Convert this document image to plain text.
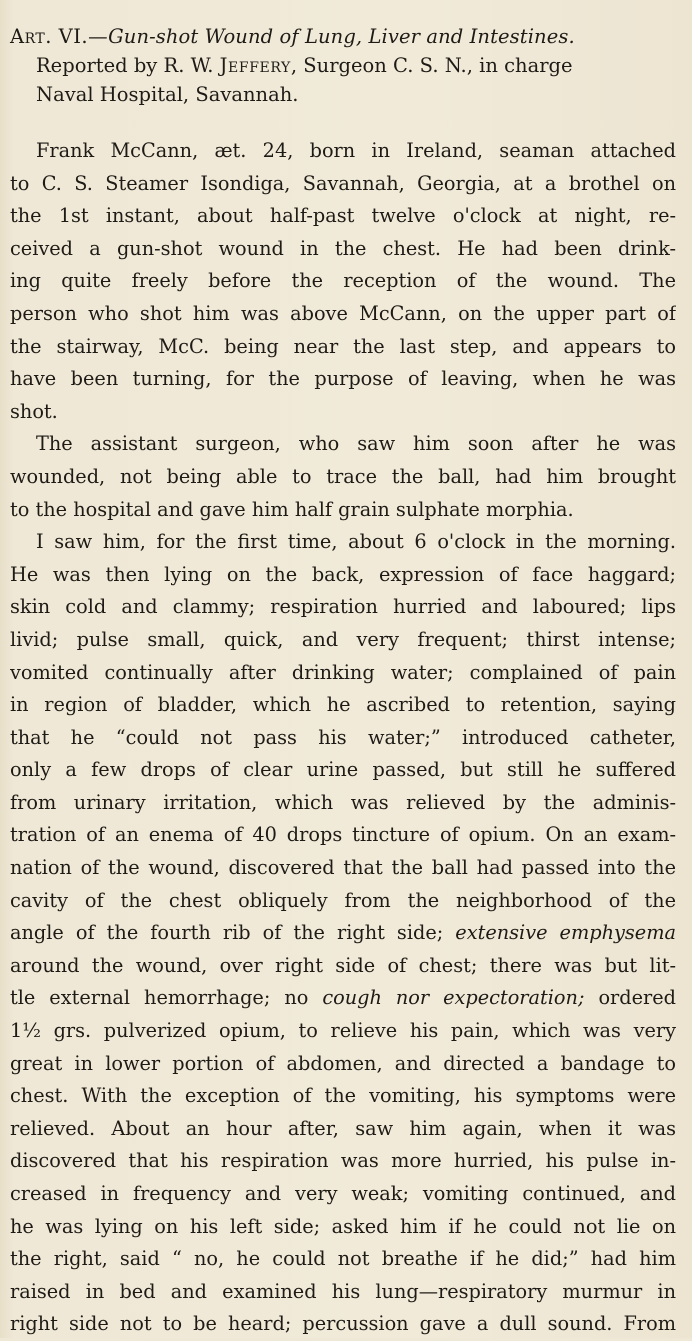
Art. VI.—Gun-shot Wound of Lung, Liver and Intestines.
Reported by R. W. Jeffery, Surgeon C. S. N., in charge
Naval Hospital, Savannah.
Frank McCann, æt. 24, born in Ireland, seaman attached
to C. S. Steamer Isondiga, Savannah, Georgia, at a brothel on
the 1st instant, about half-past twelve o'clock at night, re-
ceived a gun-shot wound in the chest. He had been drink-
ing quite freely before the reception of the wound. The
person who shot him was above McCann, on the upper part of
the stairway, McC. being near the last step, and appears to
have been turning, for the purpose of leaving, when he was
shot.
The assistant surgeon, who saw him soon after he was
wounded, not being able to trace the ball, had him brought
to the hospital and gave him half grain sulphate morphia.
I saw him, for the first time, about 6 o'clock in the morning.
He was then lying on the back, expression of face haggard;
skin cold and clammy; respiration hurried and laboured; lips
livid; pulse small, quick, and very frequent; thirst intense;
vomited continually after drinking water; complained of pain
in region of bladder, which he ascribed to retention, saying
that he “could not pass his water;” introduced catheter,
only a few drops of clear urine passed, but still he suffered
from urinary irritation, which was relieved by the adminis-
tration of an enema of 40 drops tincture of opium. On an exam-
nation of the wound, discovered that the ball had passed into the
cavity of the chest obliquely from the neighborhood of the
angle of the fourth rib of the right side; extensive emphysema
around the wound, over right side of chest; there was but lit-
tle external hemorrhage; no cough nor expectoration; ordered
1½ grs. pulverized opium, to relieve his pain, which was very
great in lower portion of abdomen, and directed a bandage to
chest. With the exception of the vomiting, his symptoms were
relieved. About an hour after, saw him again, when it was
discovered that his respiration was more hurried, his pulse in-
creased in frequency and very weak; vomiting continued, and
he was lying on his left side; asked him if he could not lie on
the right, said “ no, he could not breathe if he did;” had him
raised in bed and examined his lung—respiratory murmur in
right side not to be heard; percussion gave a dull sound. From
